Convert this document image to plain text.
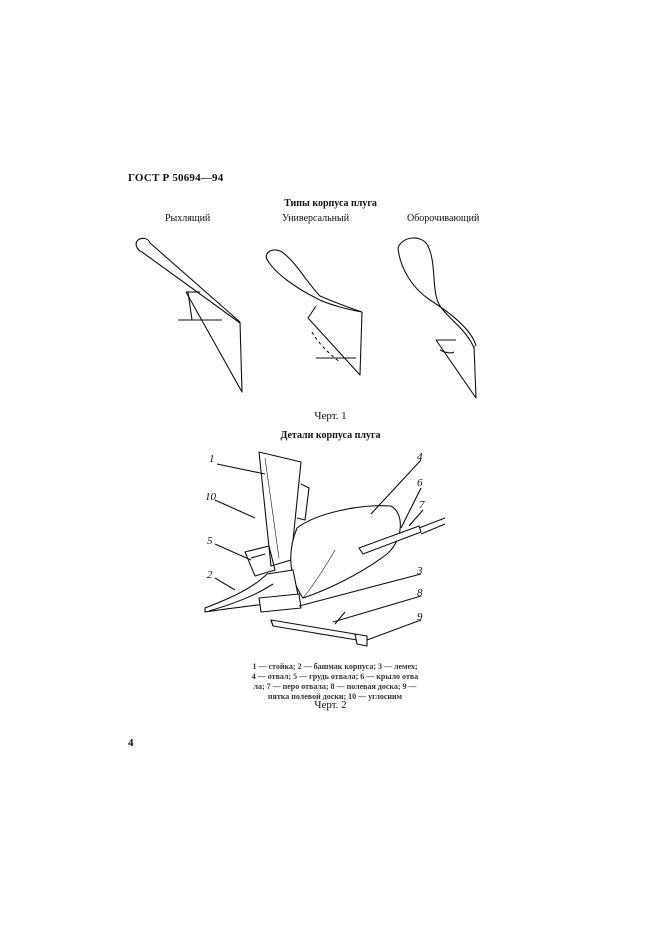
ГОСТ Р 50694—94
Типы корпуса плуга
Рыхлящий	Универсальный	Оборочивающий
Черт. 1
Детали корпуса плуга
1
10
5
2
4
6
7
3
8
9
1 — стойка; 2 — башмак корпуса; 3 — лемех;
4 — отвал; 5 — грудь отвала; 6 — крыло отва
ла; 7 — перо отвала; 8 — полевая доска; 9 —
пятка полевой доски; 10 — углосним
Черт. 2
4
